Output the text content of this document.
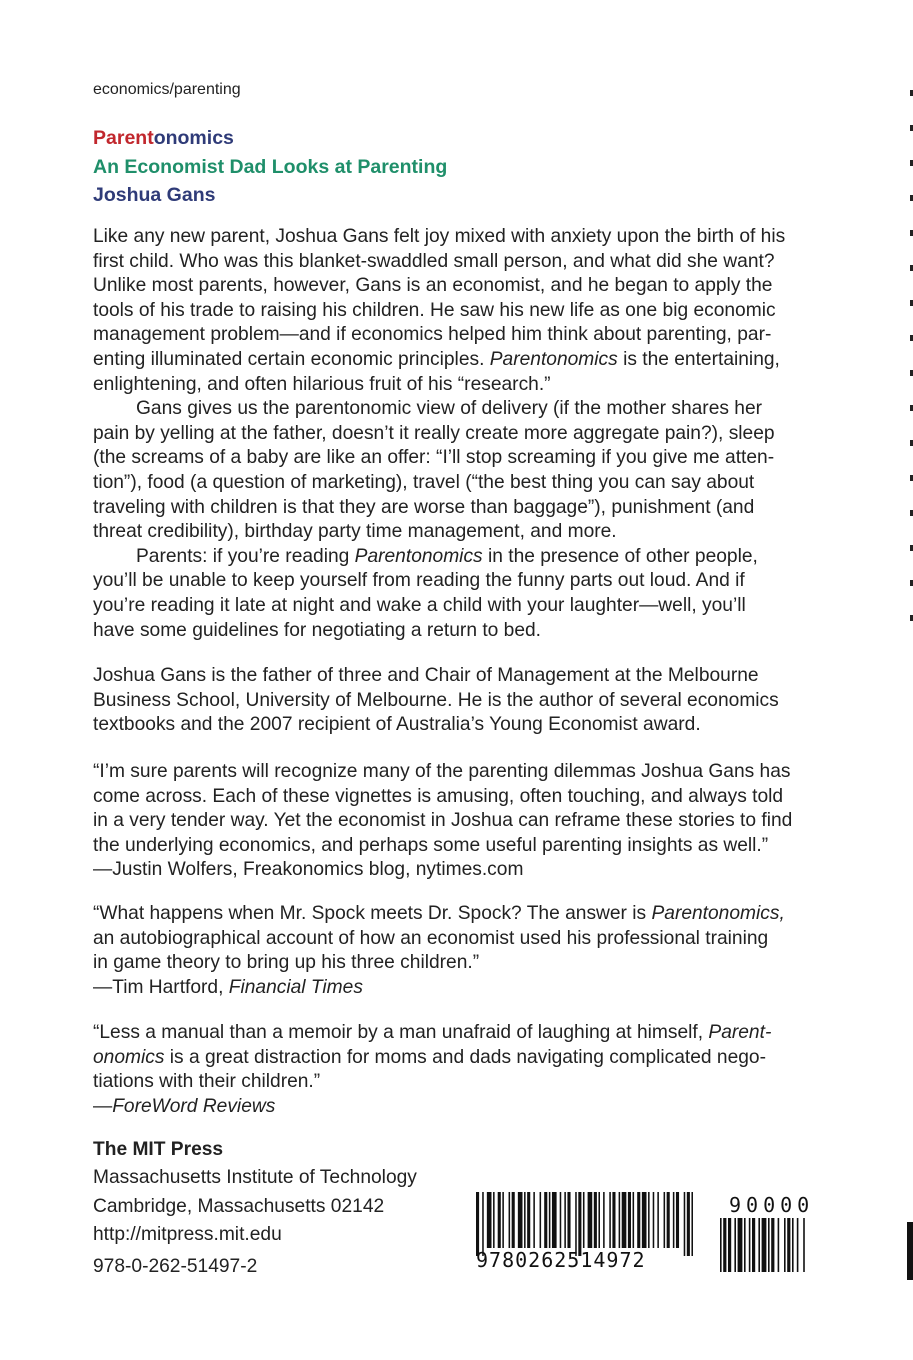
economics/parenting
Parentonomics
An Economist Dad Looks at Parenting
Joshua Gans

Like any new parent, Joshua Gans felt joy mixed with anxiety upon the birth of his
first child. Who was this blanket-swaddled small person, and what did she want?
Unlike most parents, however, Gans is an economist, and he began to apply the
tools of his trade to raising his children. He saw his new life as one big economic
management problem—and if economics helped him think about parenting, par-
enting illuminated certain economic principles. Parentonomics is the entertaining,
enlightening, and often hilarious fruit of his “research.”

Gans gives us the parentonomic view of delivery (if the mother shares her
pain by yelling at the father, doesn’t it really create more aggregate pain?), sleep
(the screams of a baby are like an offer: “I’ll stop screaming if you give me atten-
tion”), food (a question of marketing), travel (“the best thing you can say about
traveling with children is that they are worse than baggage”), punishment (and
threat credibility), birthday party time management, and more.

Parents: if you’re reading Parentonomics in the presence of other people,
you’ll be unable to keep yourself from reading the funny parts out loud. And if
you’re reading it late at night and wake a child with your laughter—well, you’ll
have some guidelines for negotiating a return to bed.

Joshua Gans is the father of three and Chair of Management at the Melbourne
Business School, University of Melbourne. He is the author of several economics
textbooks and the 2007 recipient of Australia’s Young Economist award.
“I’m sure parents will recognize many of the parenting dilemmas Joshua Gans has
come across. Each of these vignettes is amusing, often touching, and always told
in a very tender way. Yet the economist in Joshua can reframe these stories to find
the underlying economics, and perhaps some useful parenting insights as well.”
—Justin Wolfers, Freakonomics blog, nytimes.com
“What happens when Mr. Spock meets Dr. Spock? The answer is Parentonomics,
an autobiographical account of how an economist used his professional training
in game theory to bring up his three children.”
—Tim Hartford, Financial Times
“Less a manual than a memoir by a man unafraid of laughing at himself, Parent-
onomics is a great distraction for moms and dads navigating complicated nego-
tiations with their children.”
—ForeWord Reviews
The MIT Press
Massachusetts Institute of Technology
Cambridge, Massachusetts 02142
http://mitpress.mit.edu
978-0-262-51497-2	9780262514972
90000
